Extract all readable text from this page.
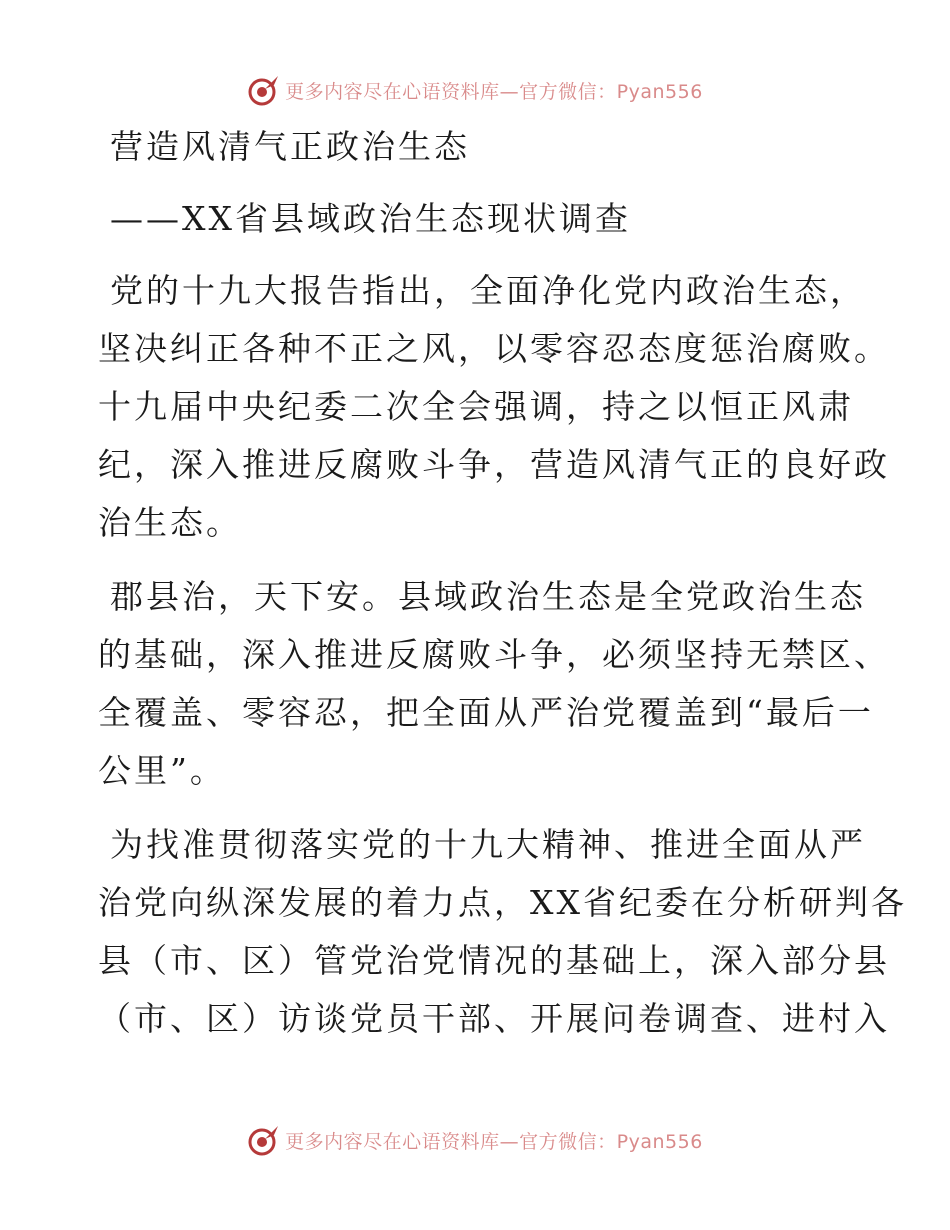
更多内容尽在心语资料库—官方微信：Pyan556
营造风清气正政治生态
——XX省县域政治生态现状调查
党的十九大报告指出，全面净化党内政治生态，
坚决纠正各种不正之风，以零容忍态度惩治腐败。
十九届中央纪委二次全会强调，持之以恒正风肃
纪，深入推进反腐败斗争，营造风清气正的良好政
治生态。
郡县治，天下安。县域政治生态是全党政治生态
的基础，深入推进反腐败斗争，必须坚持无禁区、
全覆盖、零容忍，把全面从严治党覆盖到“最后一
公里”。
为找准贯彻落实党的十九大精神、推进全面从严
治党向纵深发展的着力点，XX省纪委在分析研判各
县（市、区）管党治党情况的基础上，深入部分县
（市、区）访谈党员干部、开展问卷调查、进村入
更多内容尽在心语资料库—官方微信：Pyan556
